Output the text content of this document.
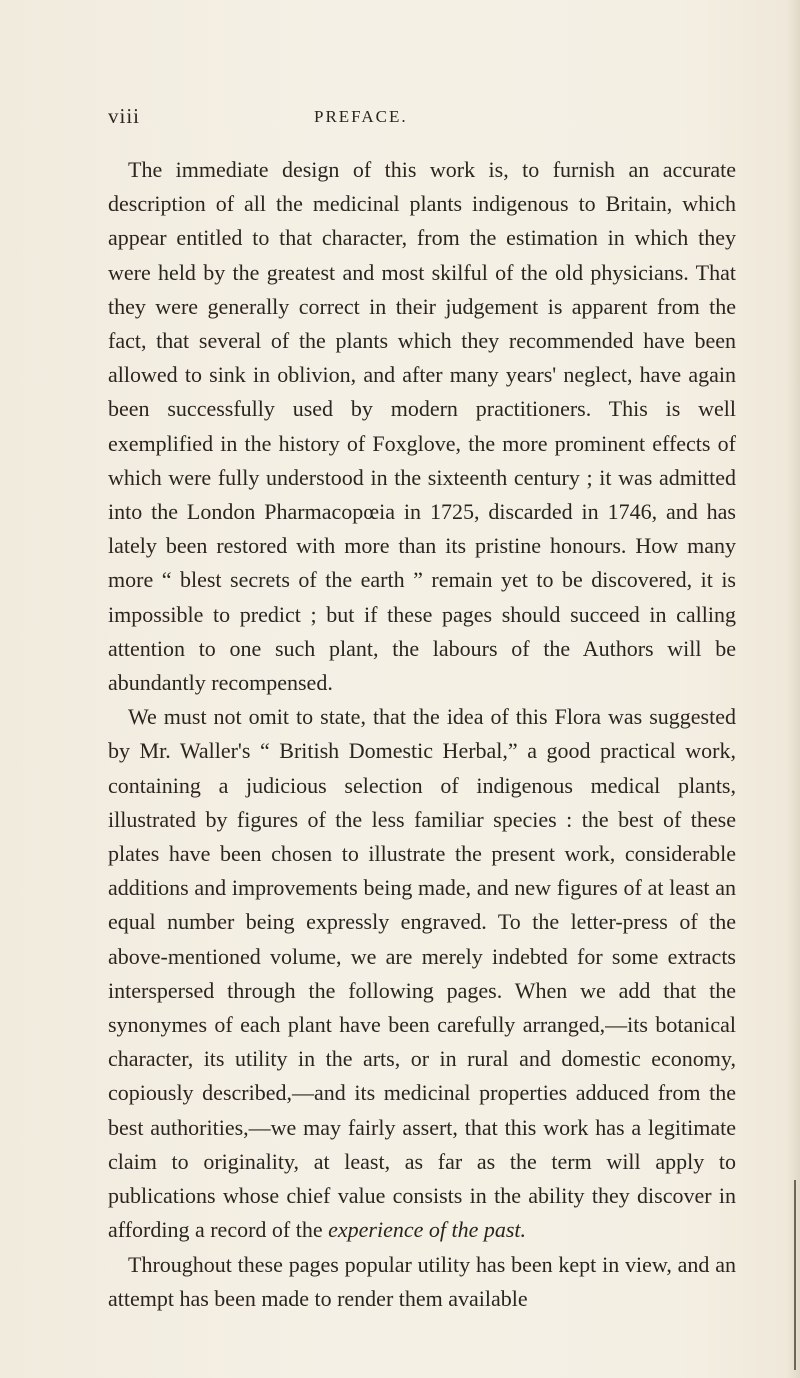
viii	PREFACE.

The immediate design of this work is, to furnish an accurate description of all the medicinal plants indigenous to Britain, which appear entitled to that character, from the estimation in which they were held by the greatest and most skilful of the old physicians. That they were generally correct in their judgement is apparent from the fact, that several of the plants which they recommended have been allowed to sink in oblivion, and after many years' neglect, have again been successfully used by modern practitioners. This is well exemplified in the history of Foxglove, the more prominent effects of which were fully understood in the sixteenth century ; it was admitted into the London Pharmacopœia in 1725, discarded in 1746, and has lately been restored with more than its pristine honours. How many more “ blest secrets of the earth ” remain yet to be discovered, it is impossible to predict ; but if these pages should succeed in calling attention to one such plant, the labours of the Authors will be abundantly recompensed.

We must not omit to state, that the idea of this Flora was suggested by Mr. Waller's “ British Domestic Herbal,” a good practical work, containing a judicious selection of indigenous medical plants, illustrated by figures of the less familiar species : the best of these plates have been chosen to illustrate the present work, considerable additions and improvements being made, and new figures of at least an equal number being expressly engraved. To the letter-press of the above-mentioned volume, we are merely indebted for some extracts interspersed through the following pages. When we add that the synonymes of each plant have been carefully arranged,—its botanical character, its utility in the arts, or in rural and domestic economy, copiously described,—and its medicinal properties adduced from the best authorities,—we may fairly assert, that this work has a legitimate claim to originality, at least, as far as the term will apply to publications whose chief value consists in the ability they discover in affording a record of the experience of the past.

Throughout these pages popular utility has been kept in view, and an attempt has been made to render them available
